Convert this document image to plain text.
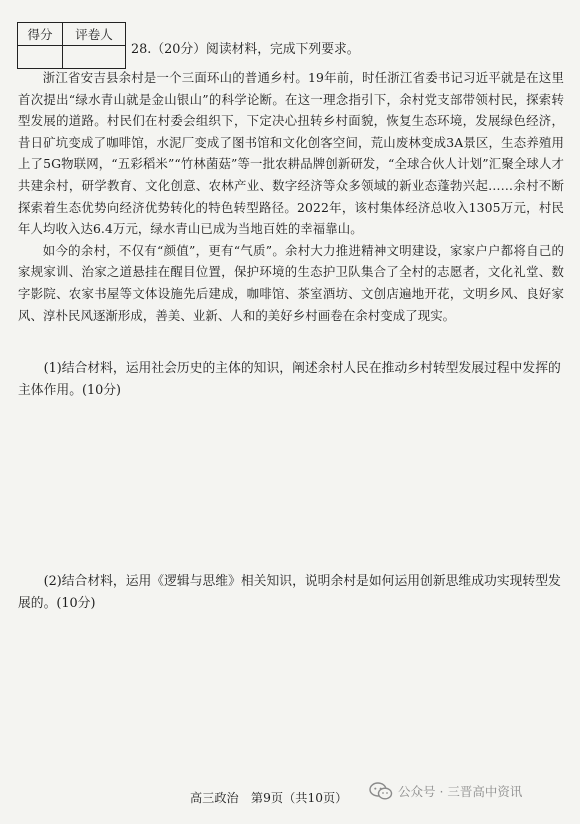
得分	评卷人

28.（20分）阅读材料，完成下列要求。

浙江省安吉县余村是一个三面环山的普通乡村。19年前，时任浙江省委书记习近平就是在这里首次提出“绿水青山就是金山银山”的科学论断。在这一理念指引下，余村党支部带领村民，探索转型发展的道路。村民们在村委会组织下，下定决心扭转乡村面貌，恢复生态环境，发展绿色经济，昔日矿坑变成了咖啡馆，水泥厂变成了图书馆和文化创客空间，荒山废林变成3A景区，生态养殖用上了5G物联网，“五彩稻米”“竹林菌菇”等一批农耕品牌创新研发，“全球合伙人计划”汇聚全球人才共建余村，研学教育、文化创意、农林产业、数字经济等众多领域的新业态蓬勃兴起……余村不断探索着生态优势向经济优势转化的特色转型路径。2022年，该村集体经济总收入1305万元，村民年人均收入达6.4万元，绿水青山已成为当地百姓的幸福靠山。

如今的余村，不仅有“颜值”，更有“气质”。余村大力推进精神文明建设，家家户户都将自己的家规家训、治家之道悬挂在醒目位置，保护环境的生态护卫队集合了全村的志愿者，文化礼堂、数字影院、农家书屋等文体设施先后建成，咖啡馆、茶室酒坊、文创店遍地开花，文明乡风、良好家风、淳朴民风逐渐形成，善美、业新、人和的美好乡村画卷在余村变成了现实。

(1)结合材料，运用社会历史的主体的知识，阐述余村人民在推动乡村转型发展过程中发挥的主体作用。(10分)
(2)结合材料，运用《逻辑与思维》相关知识，说明余村是如何运用创新思维成功实现转型发展的。(10分)
高三政治　第9页（共10页）	公众号 · 三晋高中资讯
